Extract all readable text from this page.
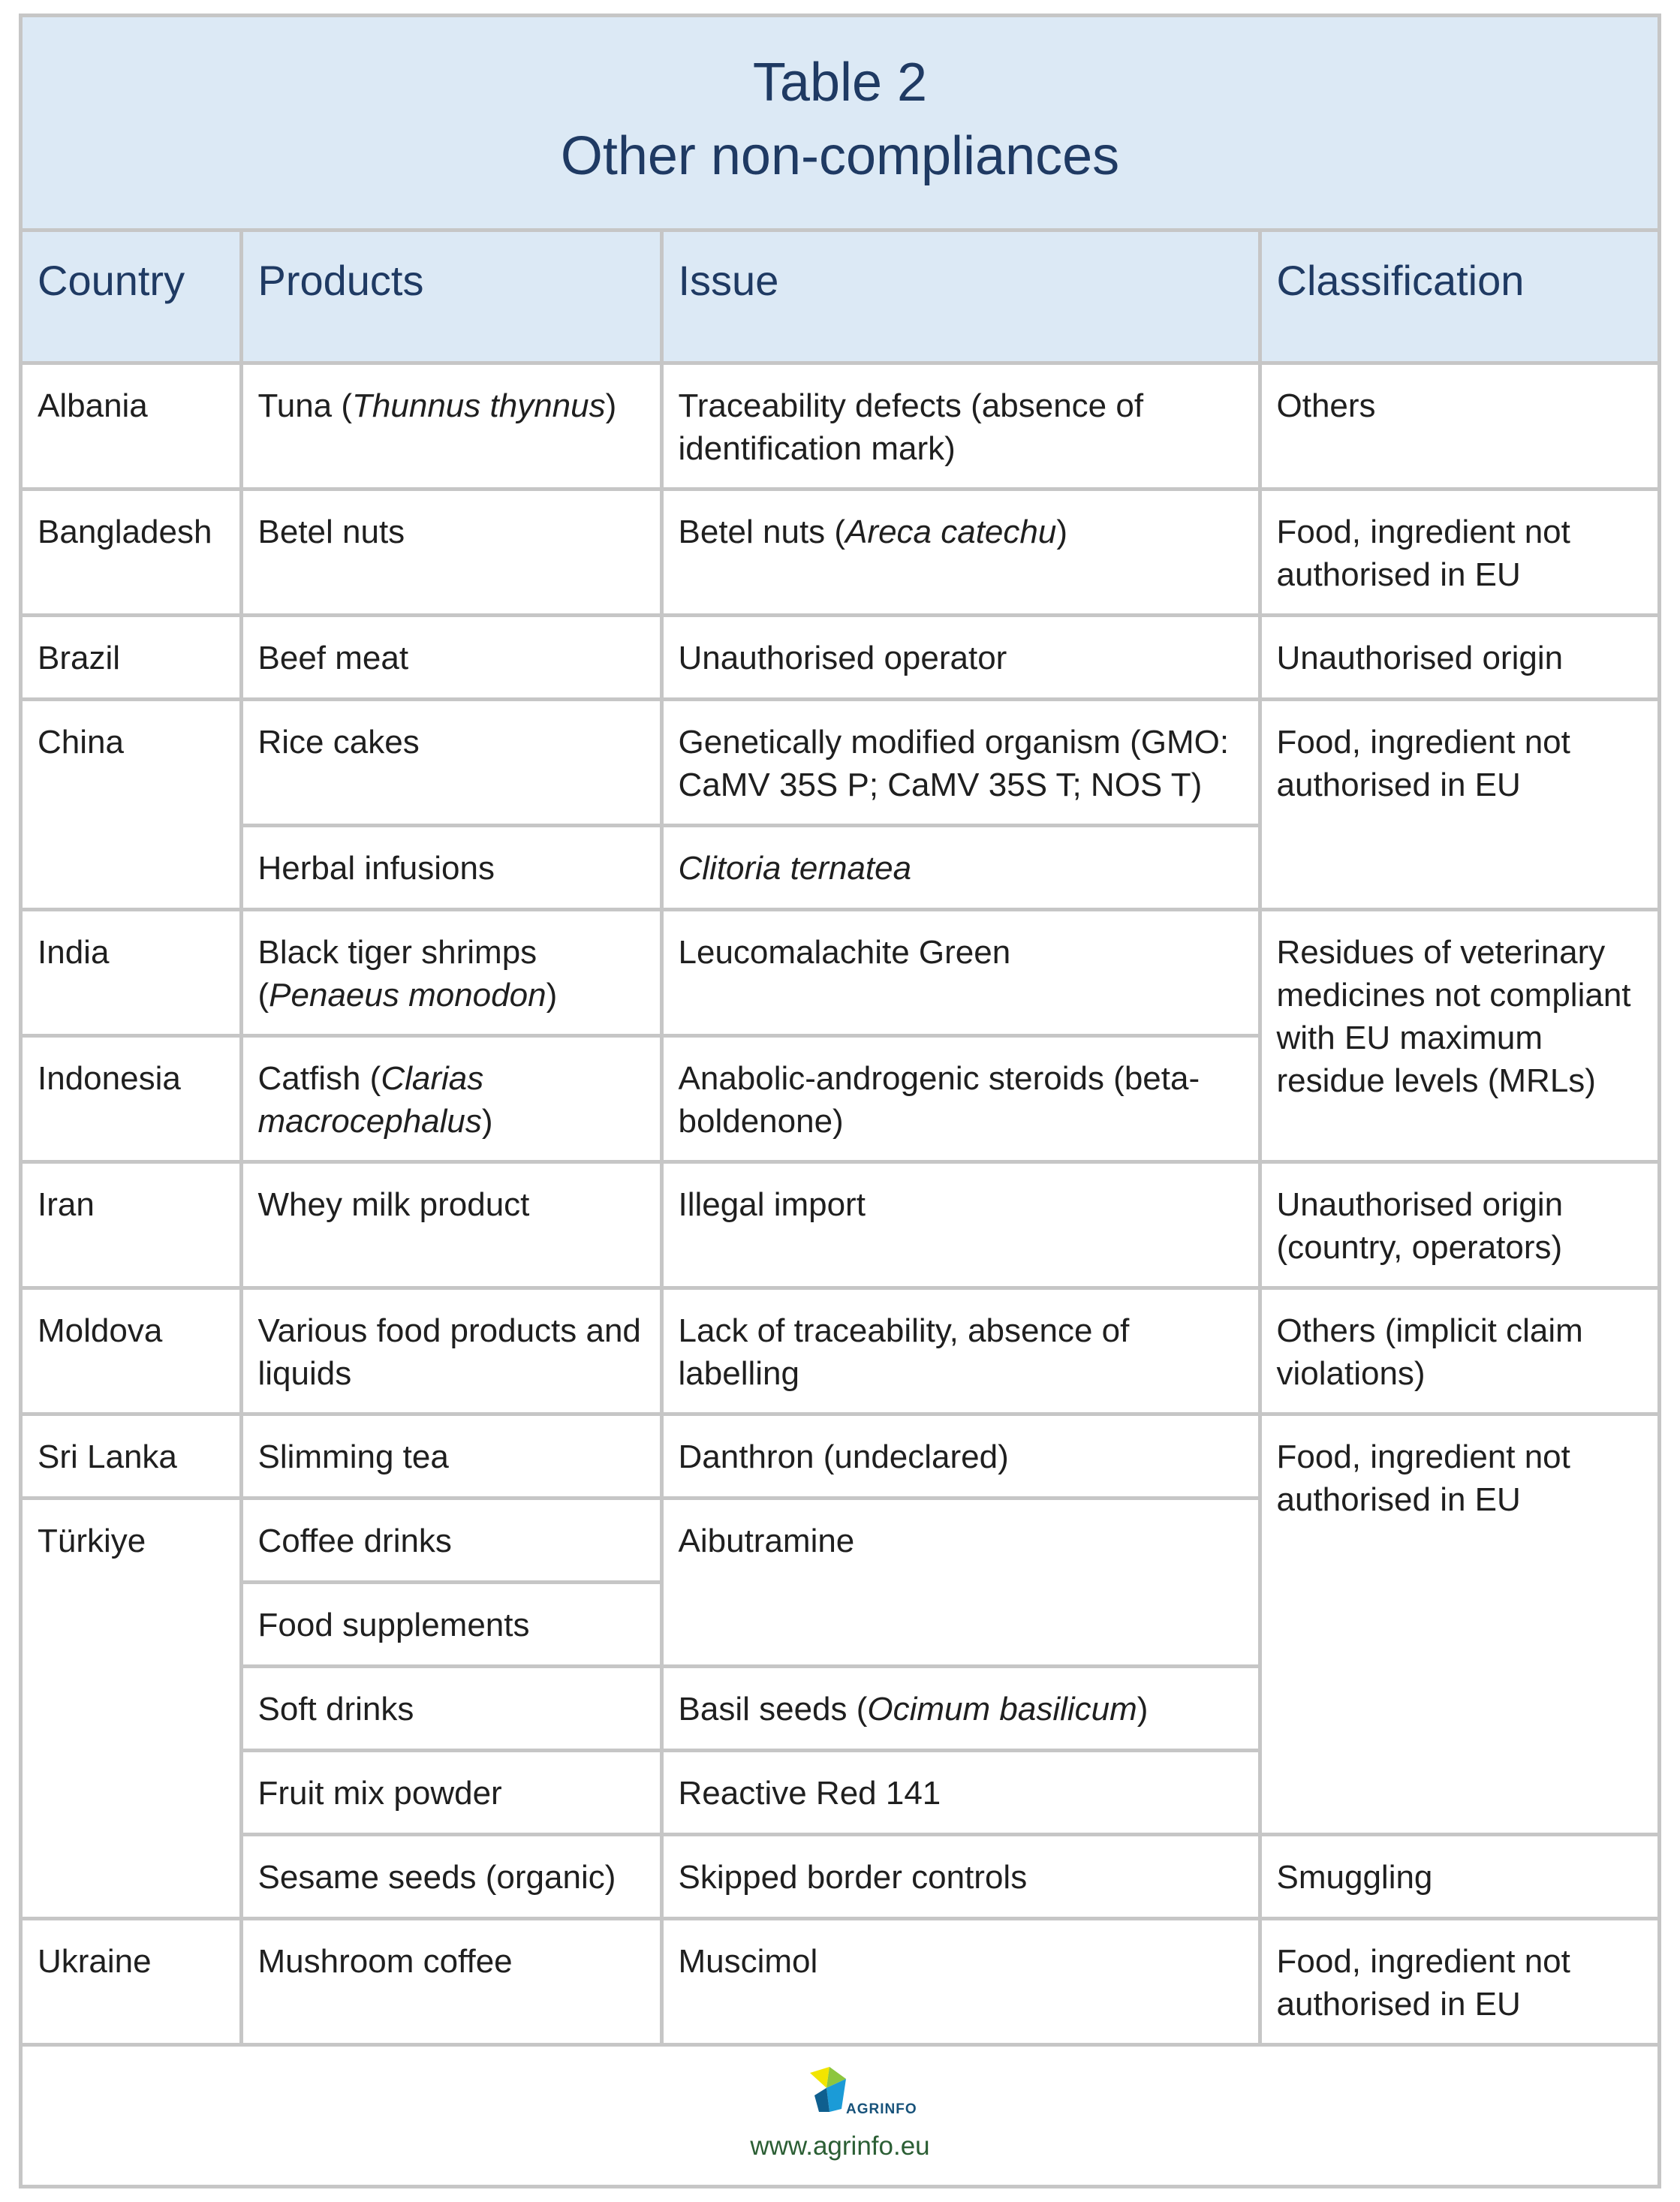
Table 2
Other non-compliances
Country	Products	Issue	Classification
Albania	Tuna (Thunnus thynnus)	Traceability defects (absence of identification mark)	Others
Bangladesh	Betel nuts	Betel nuts (Areca catechu)	Food, ingredient not authorised in EU
Brazil	Beef meat	Unauthorised operator	Unauthorised origin
China	Rice cakes	Genetically modified organism (GMO: CaMV 35S P; CaMV 35S T; NOS T)	Food, ingredient not authorised in EU
	Herbal infusions	Clitoria ternatea	
India	Black tiger shrimps (Penaeus monodon)	Leucomalachite Green	Residues of veterinary medicines not compliant with EU maximum residue levels (MRLs)
Indonesia	Catfish (Clarias macrocephalus)	Anabolic-androgenic steroids (beta-boldenone)	
Iran	Whey milk product	Illegal import	Unauthorised origin (country, operators)
Moldova	Various food products and liquids	Lack of traceability, absence of labelling	Others (implicit claim violations)
Sri Lanka	Slimming tea	Danthron (undeclared)	Food, ingredient not authorised in EU
Türkiye	Coffee drinks	Aibutramine	
	Food supplements		
	Soft drinks	Basil seeds (Ocimum basilicum)	
	Fruit mix powder	Reactive Red 141	
	Sesame seeds (organic)	Skipped border controls	Smuggling
Ukraine	Mushroom coffee	Muscimol	Food, ingredient not authorised in EU
AGRINFO
www.agrinfo.eu
